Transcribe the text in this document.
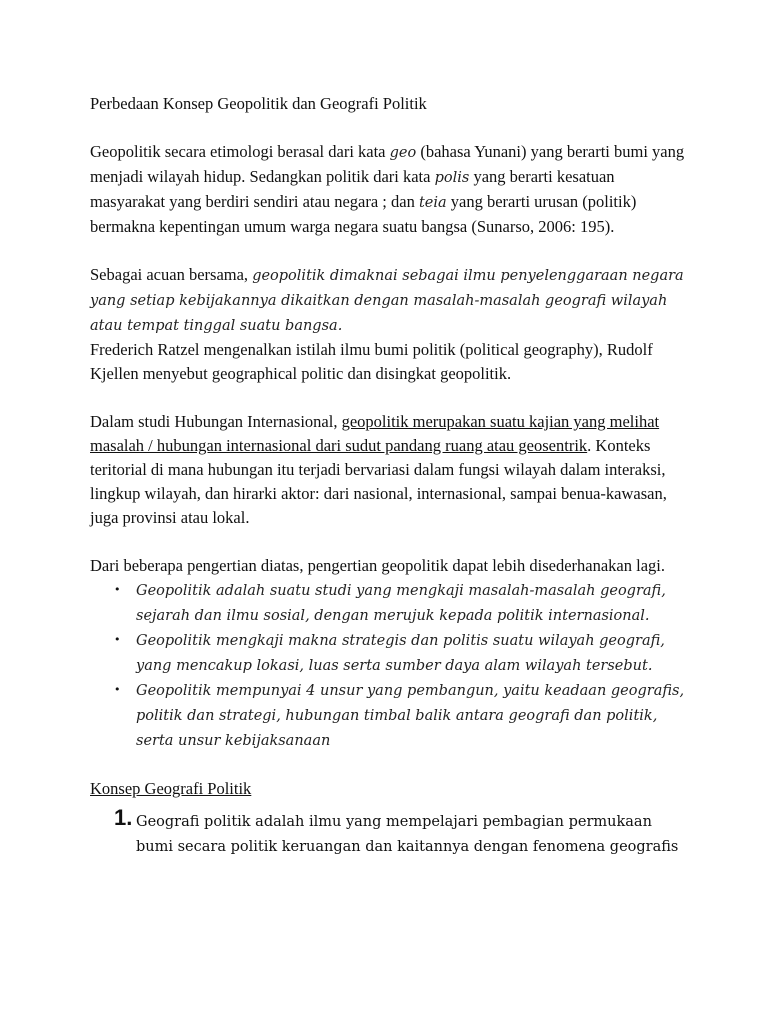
Perbedaan Konsep Geopolitik dan Geografi Politik

Geopolitik secara etimologi berasal dari kata geo (bahasa Yunani) yang berarti bumi yang menjadi wilayah hidup. Sedangkan politik dari kata polis yang berarti kesatuan masyarakat yang berdiri sendiri atau negara ; dan teia yang berarti urusan (politik) bermakna kepentingan umum warga negara suatu bangsa (Sunarso, 2006: 195).

Sebagai acuan bersama, geopolitik dimaknai sebagai ilmu penyelenggaraan negara yang setiap kebijakannya dikaitkan dengan masalah-masalah geografi wilayah atau tempat tinggal suatu bangsa.

Frederich Ratzel mengenalkan istilah ilmu bumi politik (political geography), Rudolf Kjellen menyebut geographical politic dan disingkat geopolitik.

Dalam studi Hubungan Internasional, geopolitik merupakan suatu kajian yang melihat masalah / hubungan internasional dari sudut pandang ruang atau geosentrik. Konteks teritorial di mana hubungan itu terjadi bervariasi dalam fungsi wilayah dalam interaksi, lingkup wilayah, dan hirarki aktor: dari nasional, internasional, sampai benua-kawasan, juga provinsi atau lokal.

Dari beberapa pengertian diatas, pengertian geopolitik dapat lebih disederhanakan lagi.

• Geopolitik adalah suatu studi yang mengkaji masalah-masalah geografi, sejarah dan ilmu sosial, dengan merujuk kepada politik internasional.
• Geopolitik mengkaji makna strategis dan politis suatu wilayah geografi, yang mencakup lokasi, luas serta sumber daya alam wilayah tersebut.
• Geopolitik mempunyai 4 unsur yang pembangun, yaitu keadaan geografis, politik dan strategi, hubungan timbal balik antara geografi dan politik, serta unsur kebijaksanaan

Konsep Geografi Politik

1. Geografi politik adalah ilmu yang mempelajari pembagian permukaan bumi secara politik keruangan dan kaitannya dengan fenomena geografis
